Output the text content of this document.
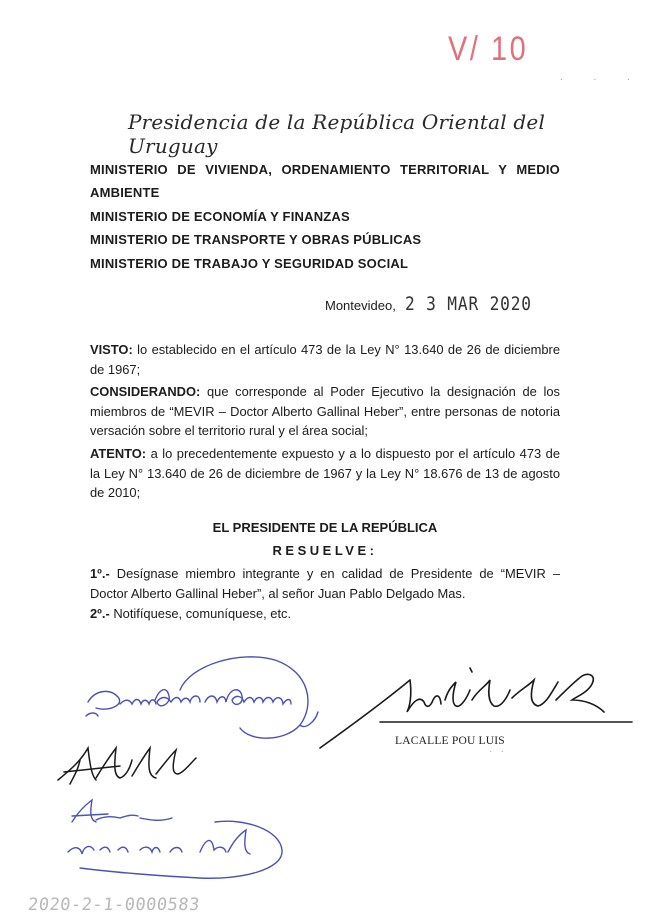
V/ 10
. . .
Presidencia de la República Oriental del Uruguay
MINISTERIO DE VIVIENDA, ORDENAMIENTO TERRITORIAL Y MEDIO
AMBIENTE
MINISTERIO DE ECONOMÍA Y FINANZAS
MINISTERIO DE TRANSPORTE Y OBRAS PÚBLICAS
MINISTERIO DE TRABAJO Y SEGURIDAD SOCIAL
Montevideo, 2 3 MAR 2020

VISTO: lo establecido en el artículo 473 de la Ley N° 13.640 de 26 de diciembre de 1967;

CONSIDERANDO: que corresponde al Poder Ejecutivo la designación de los miembros de “MEVIR – Doctor Alberto Gallinal Heber”, entre personas de notoria versación sobre el territorio rural y el área social;

ATENTO: a lo precedentemente expuesto y a lo dispuesto por el artículo 473 de la Ley N° 13.640 de 26 de diciembre de 1967 y la Ley N° 18.676 de 13 de agosto de 2010;

EL PRESIDENTE DE LA REPÚBLICA
RESUELVE:

1º.- Desígnase miembro integrante y en calidad de Presidente de “MEVIR – Doctor Alberto Gallinal Heber”, al señor Juan Pablo Delgado Mas.

2º.- Notifíquese, comuníquese, etc.

LACALLE POU LUIS
. .
2020-2-1-0000583
